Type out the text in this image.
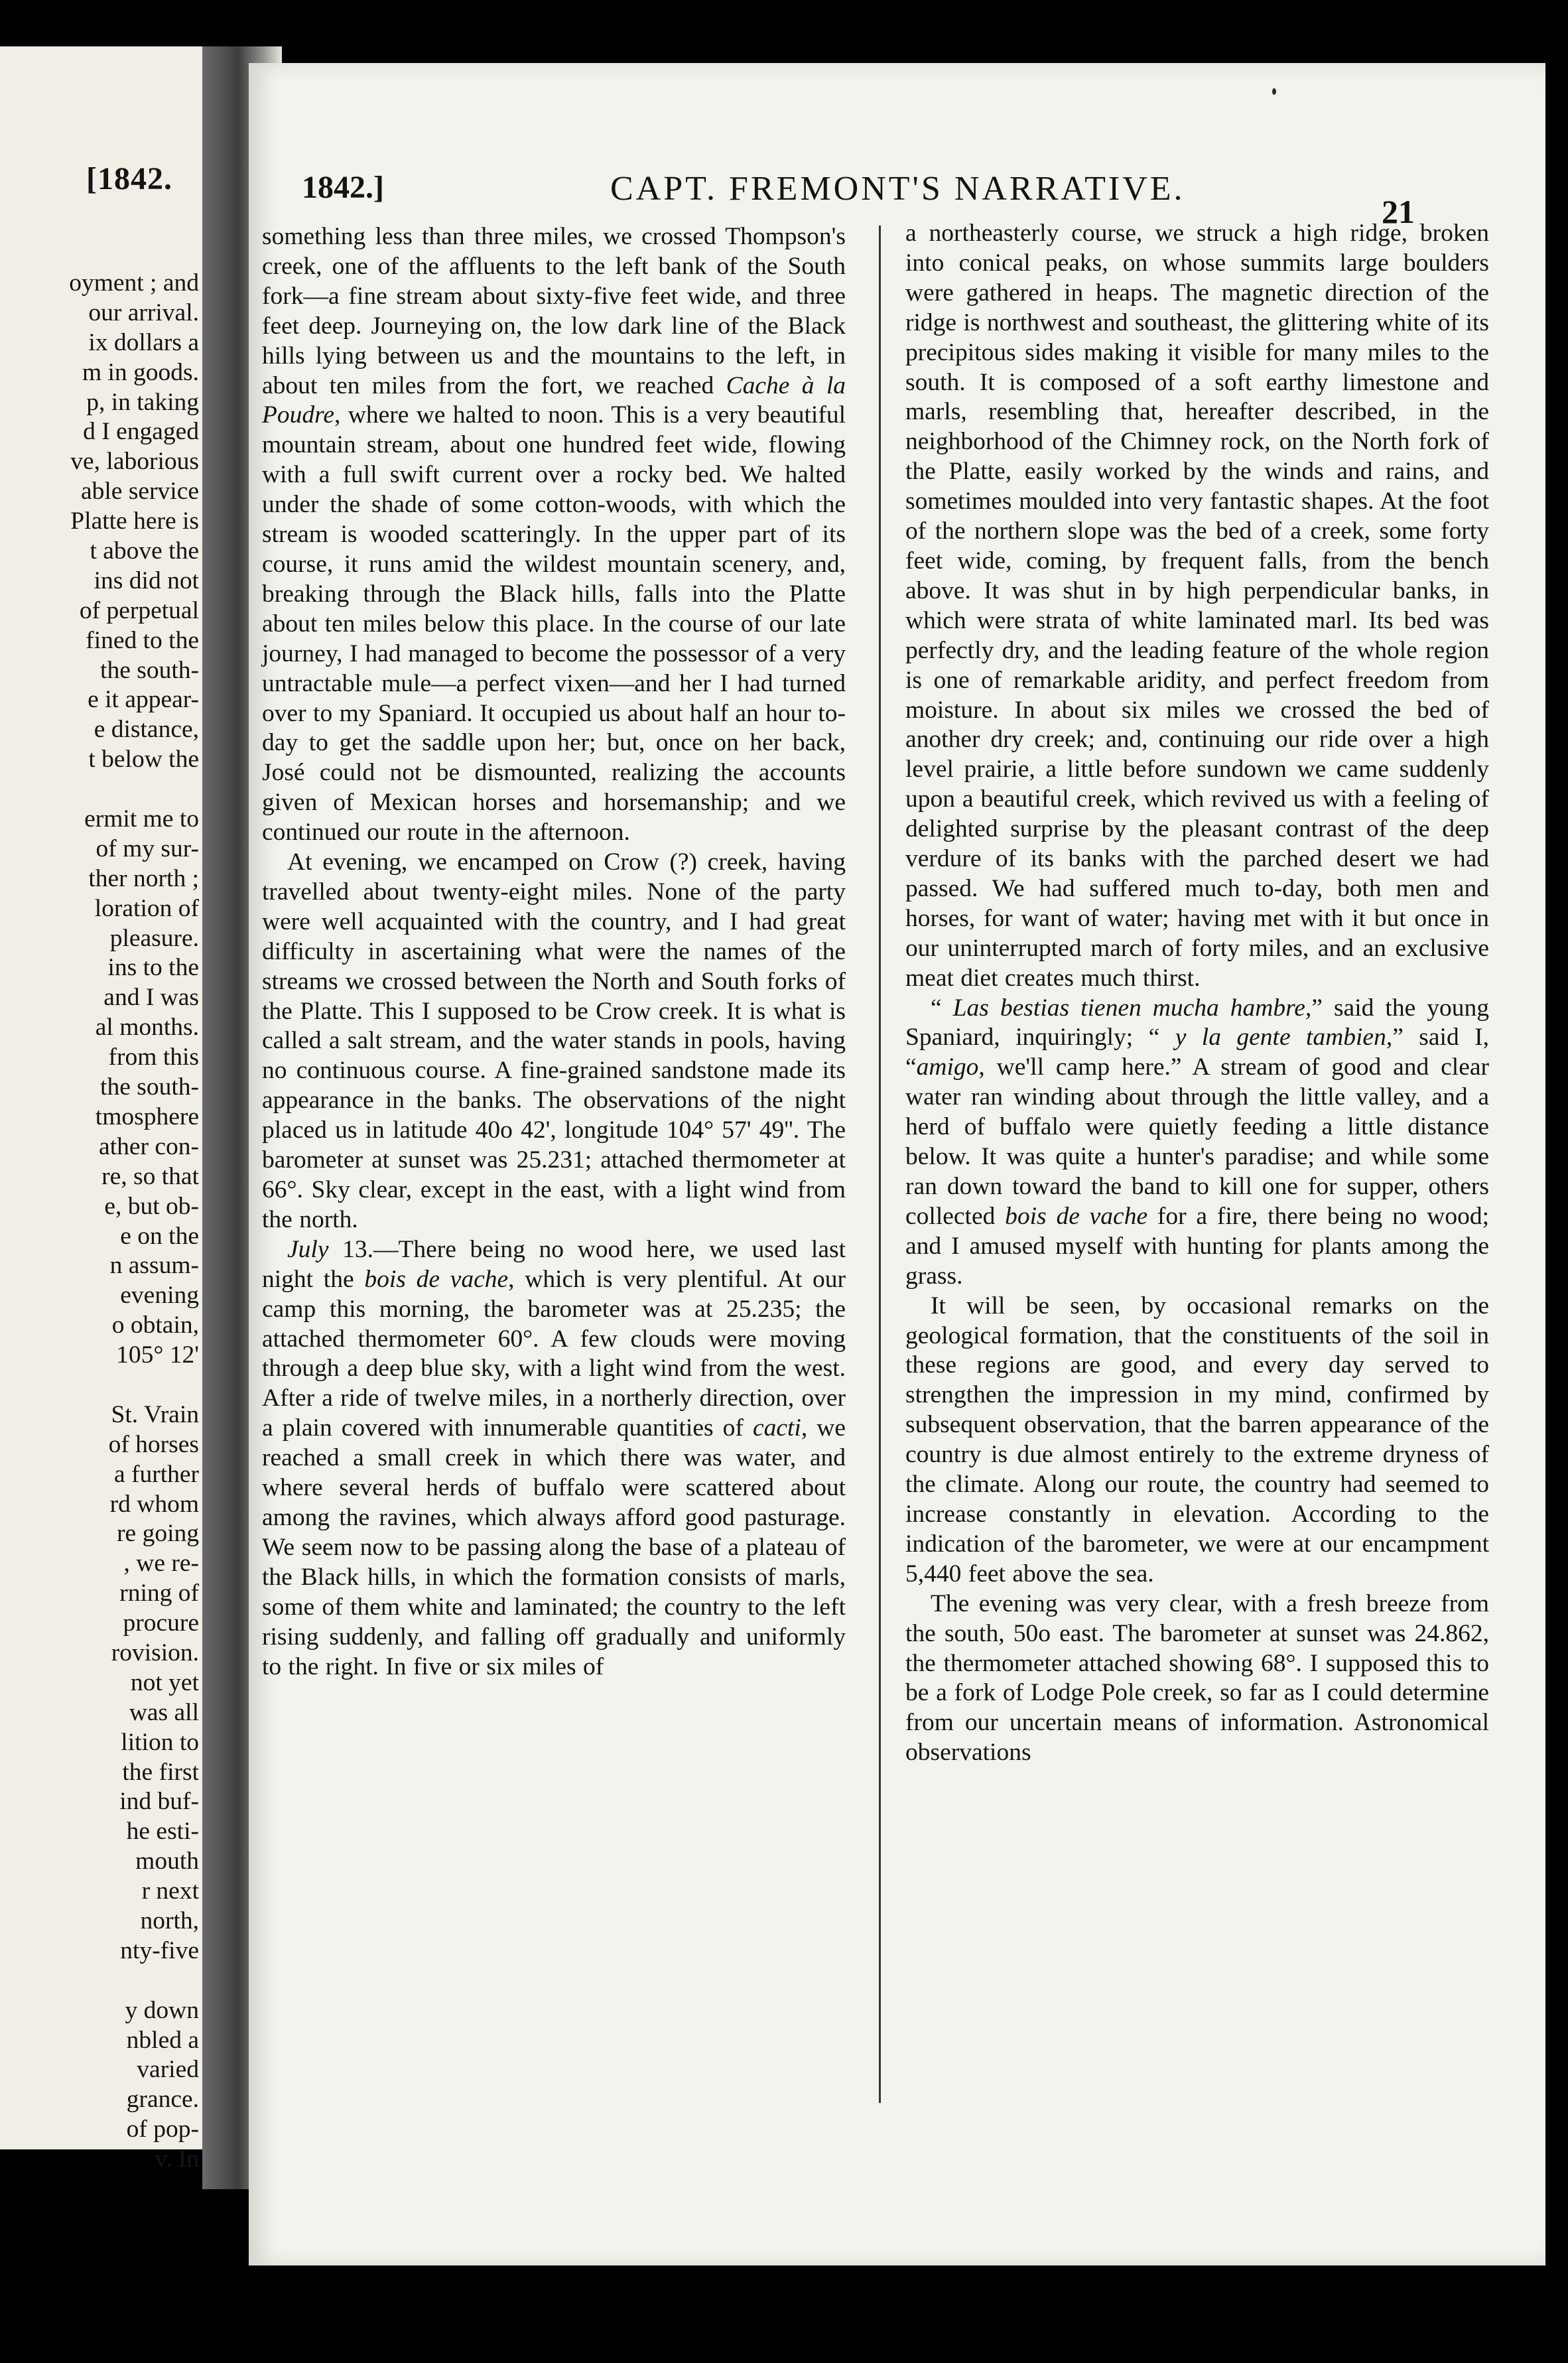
[1842.
oyment ; and
our arrival.
ix dollars a
m in goods.
p, in taking
d I engaged
ve, laborious
able service
Platte here is
t above the
ins did not
of perpetual
fined to the
the south-
e it appear-
e distance,
t below the
ermit me to
of my sur-
ther north ;
loration of
pleasure.
ins to the
and I was
al months.
from this
the south-
tmosphere
ather con-
re, so that
e, but ob-
e on the
n assum-
evening
o obtain,
105° 12'
St. Vrain
of horses
a further
rd whom
re going
, we re-
rning of
procure
rovision.
not yet
was all
lition to
the first
ind buf-
he esti-
mouth
r next
north,
nty-five
y down
nbled a
varied
grance.
of pop-
v. In
1842.]	CAPT. FREMONT'S NARRATIVE.
21

something less than three miles, we crossed Thompson's creek, one of the affluents to the left bank of the South fork—a fine stream about sixty-five feet wide, and three feet deep. Journeying on, the low dark line of the Black hills lying between us and the mountains to the left, in about ten miles from the fort, we reached Cache à la Poudre, where we halted to noon. This is a very beautiful mountain stream, about one hundred feet wide, flowing with a full swift current over a rocky bed. We halted under the shade of some cotton-woods, with which the stream is wooded scatteringly. In the upper part of its course, it runs amid the wildest mountain scenery, and, breaking through the Black hills, falls into the Platte about ten miles below this place. In the course of our late journey, I had managed to become the possessor of a very untractable mule—a perfect vixen—and her I had turned over to my Spaniard. It occupied us about half an hour to-day to get the saddle upon her; but, once on her back, José could not be dismounted, realizing the accounts given of Mexican horses and horsemanship; and we continued our route in the afternoon.

At evening, we encamped on Crow (?) creek, having travelled about twenty-eight miles. None of the party were well acquainted with the country, and I had great difficulty in ascertaining what were the names of the streams we crossed between the North and South forks of the Platte. This I supposed to be Crow creek. It is what is called a salt stream, and the water stands in pools, having no continuous course. A fine-grained sandstone made its appearance in the banks. The observations of the night placed us in latitude 40o 42', longitude 104° 57' 49''. The barometer at sunset was 25.231; attached thermometer at 66°. Sky clear, except in the east, with a light wind from the north.

July 13.—There being no wood here, we used last night the bois de vache, which is very plentiful. At our camp this morning, the barometer was at 25.235; the attached thermometer 60°. A few clouds were moving through a deep blue sky, with a light wind from the west. After a ride of twelve miles, in a northerly direction, over a plain covered with innumerable quantities of cacti, we reached a small creek in which there was water, and where several herds of buffalo were scattered about among the ravines, which always afford good pasturage. We seem now to be passing along the base of a plateau of the Black hills, in which the formation consists of marls, some of them white and laminated; the country to the left rising suddenly, and falling off gradually and uniformly to the right. In five or six miles of

a northeasterly course, we struck a high ridge, broken into conical peaks, on whose summits large boulders were gathered in heaps. The magnetic direction of the ridge is northwest and southeast, the glittering white of its precipitous sides making it visible for many miles to the south. It is composed of a soft earthy limestone and marls, resembling that, hereafter described, in the neighborhood of the Chimney rock, on the North fork of the Platte, easily worked by the winds and rains, and sometimes moulded into very fantastic shapes. At the foot of the northern slope was the bed of a creek, some forty feet wide, coming, by frequent falls, from the bench above. It was shut in by high perpendicular banks, in which were strata of white laminated marl. Its bed was perfectly dry, and the leading feature of the whole region is one of remarkable aridity, and perfect freedom from moisture. In about six miles we crossed the bed of another dry creek; and, continuing our ride over a high level prairie, a little before sundown we came suddenly upon a beautiful creek, which revived us with a feeling of delighted surprise by the pleasant contrast of the deep verdure of its banks with the parched desert we had passed. We had suffered much to-day, both men and horses, for want of water; having met with it but once in our uninterrupted march of forty miles, and an exclusive meat diet creates much thirst.

“ Las bestias tienen mucha hambre,” said the young Spaniard, inquiringly; “ y la gente tambien,” said I, “amigo, we'll camp here.” A stream of good and clear water ran winding about through the little valley, and a herd of buffalo were quietly feeding a little distance below. It was quite a hunter's paradise; and while some ran down toward the band to kill one for supper, others collected bois de vache for a fire, there being no wood; and I amused myself with hunting for plants among the grass.

It will be seen, by occasional remarks on the geological formation, that the constituents of the soil in these regions are good, and every day served to strengthen the impression in my mind, confirmed by subsequent observation, that the barren appearance of the country is due almost entirely to the extreme dryness of the climate. Along our route, the country had seemed to increase constantly in elevation. According to the indication of the barometer, we were at our encampment 5,440 feet above the sea.

The evening was very clear, with a fresh breeze from the south, 50o east. The barometer at sunset was 24.862, the thermometer attached showing 68°. I supposed this to be a fork of Lodge Pole creek, so far as I could determine from our uncertain means of information. Astronomical observations
